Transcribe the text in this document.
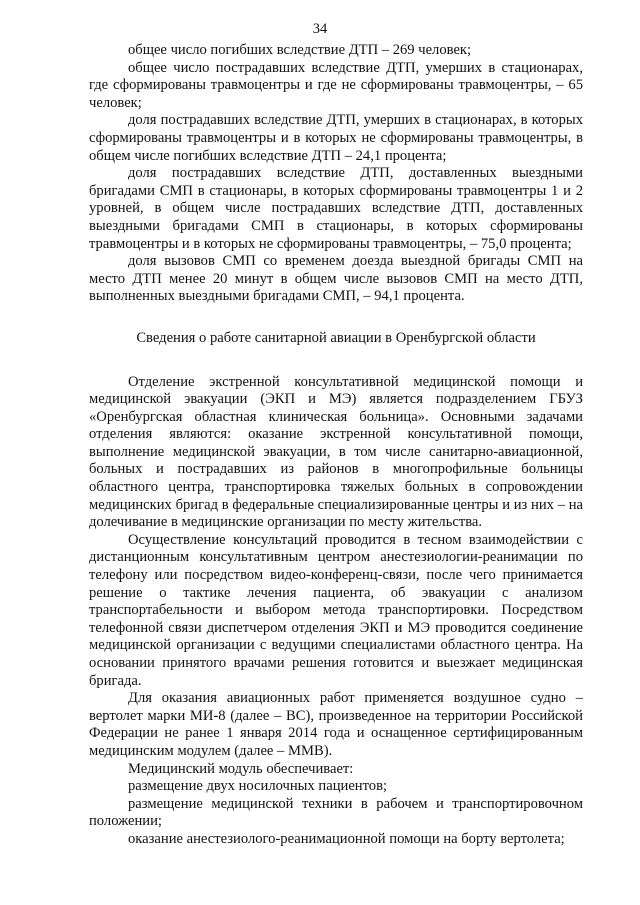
34

общее число погибших вследствие ДТП – 269 человек;

общее число пострадавших вследствие ДТП, умерших в стационарах, где сформированы травмоцентры и где не сформированы травмоцентры, – 65 человек;

доля пострадавших вследствие ДТП, умерших в стационарах, в которых сформированы травмоцентры и в которых не сформированы травмоцентры, в общем числе погибших вследствие ДТП – 24,1 процента;

доля пострадавших вследствие ДТП, доставленных выездными бригадами СМП в стационары, в которых сформированы травмоцентры 1 и 2 уровней, в общем числе пострадавших вследствие ДТП, доставленных выездными бригадами СМП в стационары, в которых сформированы травмоцентры и в которых не сформированы травмоцентры, – 75,0 процента;

доля вызовов СМП со временем доезда выездной бригады СМП на место ДТП менее 20 минут в общем числе вызовов СМП на место ДТП, выполненных выездными бригадами СМП, – 94,1 процента.

Сведения о работе санитарной авиации в Оренбургской области

Отделение экстренной консультативной медицинской помощи и медицинской эвакуации (ЭКП и МЭ) является подразделением ГБУЗ «Оренбургская областная клиническая больница». Основными задачами отделения являются: оказание экстренной консультативной помощи, выполнение медицинской эвакуации, в том числе санитарно-авиационной, больных и пострадавших из районов в многопрофильные больницы областного центра, транспортировка тяжелых больных в сопровождении медицинских бригад в федеральные специализированные центры и из них – на долечивание в медицинские организации по месту жительства.

Осуществление консультаций проводится в тесном взаимодействии с дистанционным консультативным центром анестезиологии-реанимации по телефону или посредством видео-конференц-связи, после чего принимается решение о тактике лечения пациента, об эвакуации с анализом транспортабельности и выбором метода транспортировки. Посредством телефонной связи диспетчером отделения ЭКП и МЭ проводится соединение медицинской организации с ведущими специалистами областного центра. На основании принятого врачами решения готовится и выезжает медицинская бригада.

Для оказания авиационных работ применяется воздушное судно – вертолет марки МИ-8 (далее – ВС), произведенное на территории Российской Федерации не ранее 1 января 2014 года и оснащенное сертифицированным медицинским модулем (далее – ММВ).

Медицинский модуль обеспечивает:

размещение двух носилочных пациентов;

размещение медицинской техники в рабочем и транспортировочном положении;

оказание анестезиолого-реанимационной помощи на борту вертолета;
